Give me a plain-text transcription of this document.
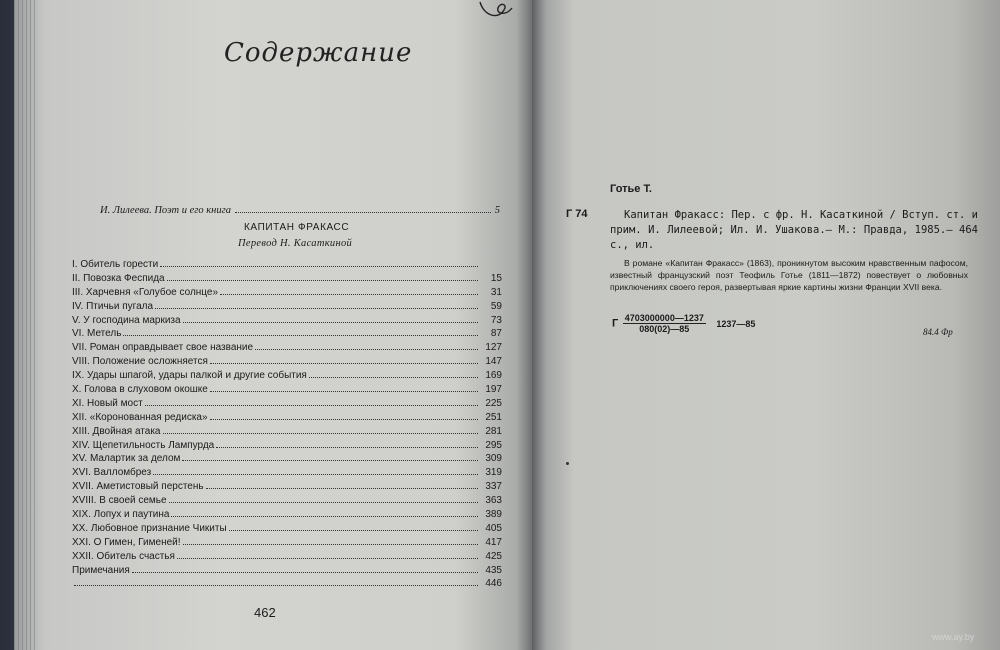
Содержание
И. Лилеева. Поэт и его книга	5
КАПИТАН ФРАКАСС
Перевод Н. Касаткиной
I. Обитель горести
II. Повозка Феспида	15
III. Харчевня «Голубое солнце»	31
IV. Птичьи пугала	59
V. У господина маркиза	73
VI. Метель	87
VII. Роман оправдывает свое название	127
VIII. Положение осложняется	147
IX. Удары шпагой, удары палкой и другие события	169
X. Голова в слуховом окошке	197
XI. Новый мост	225
XII. «Коронованная редиска»	251
XIII. Двойная атака	281
XIV. Щепетильность Лампурда	295
XV. Малартик за делом	309
XVI. Валломбрез	319
XVII. Аметистовый перстень	337
XVIII. В своей семье	363
XIX. Лопух и паутина	389
XX. Любовное признание Чикиты	405
XXI. О Гимен, Гименей!	417
XXII. Обитель счастья	425
Примечания	435
446
462
Готье Т.
Г 74	Капитан Фракасс: Пер. с фр. Н. Касаткиной / Вступ. ст. и прим. И. Лилеевой; Ил. И. Ушакова.— М.: Правда, 1985.— 464 с., ил.
В романе «Капитан Фракасс» (1863), проникнутом высоким нравственным пафосом, известный французский поэт Теофиль Готье (1811—1872) повествует о любовных приключениях своего героя, развертывая яркие картины жизни Франции XVII века.
Г $\frac{4703000000—1237}{080(02)—85}$ 1237—85
84.4 Фр
www.ay.by
